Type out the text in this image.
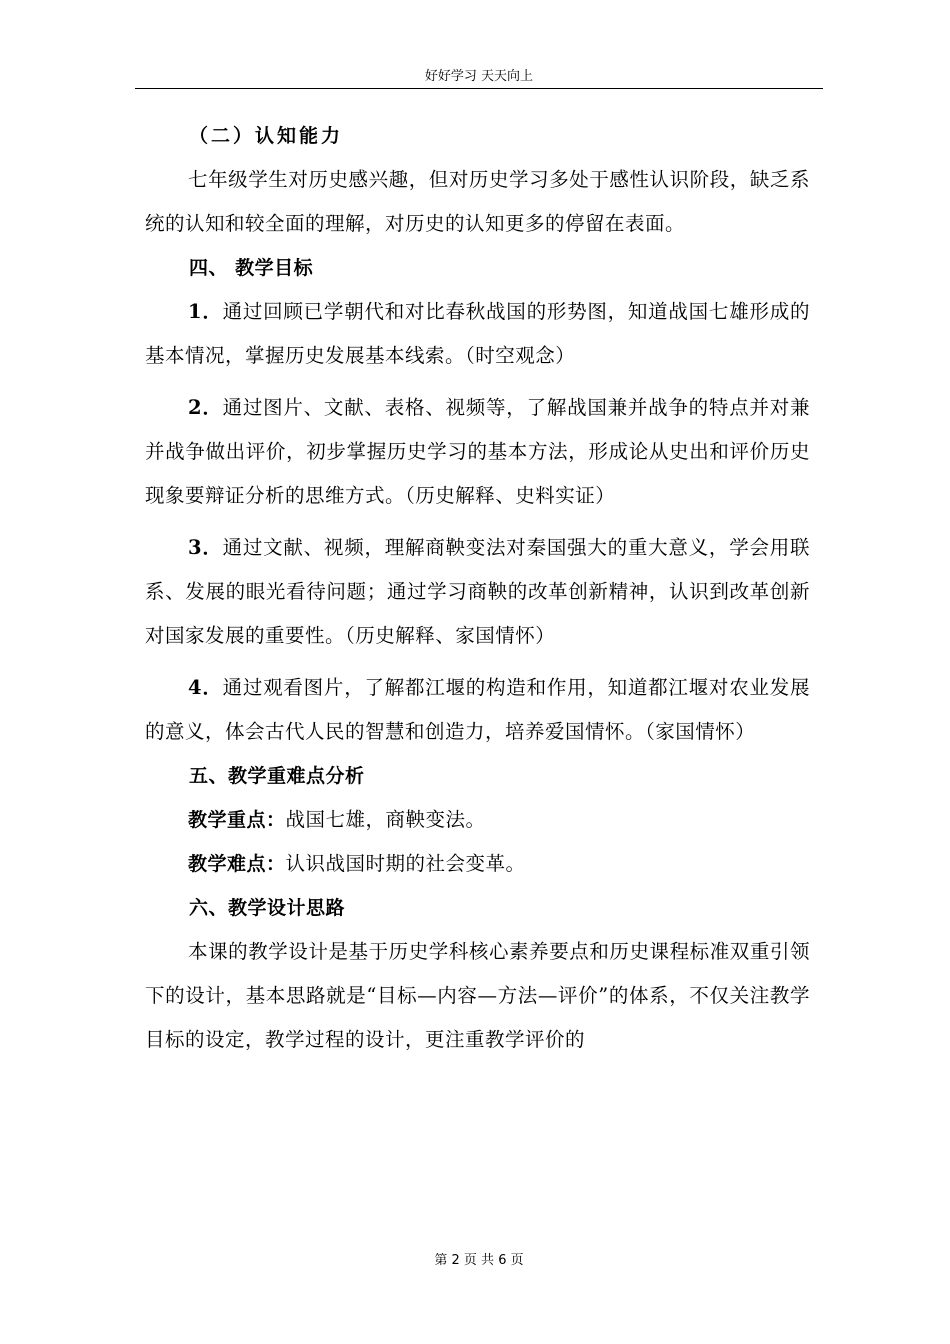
好好学习 天天向上

（二）认知能力

七年级学生对历史感兴趣，但对历史学习多处于感性认识阶段，缺乏系统的认知和较全面的理解，对历史的认知更多的停留在表面。

四、 教学目标

1．通过回顾已学朝代和对比春秋战国的形势图，知道战国七雄形成的基本情况，掌握历史发展基本线索。（时空观念）

2．通过图片、文献、表格、视频等，了解战国兼并战争的特点并对兼并战争做出评价，初步掌握历史学习的基本方法，形成论从史出和评价历史现象要辩证分析的思维方式。（历史解释、史料实证）

3．通过文献、视频，理解商鞅变法对秦国强大的重大意义，学会用联系、发展的眼光看待问题；通过学习商鞅的改革创新精神，认识到改革创新对国家发展的重要性。（历史解释、家国情怀）

4．通过观看图片，了解都江堰的构造和作用，知道都江堰对农业发展的意义，体会古代人民的智慧和创造力，培养爱国情怀。（家国情怀）

五、教学重难点分析

教学重点：战国七雄，商鞅变法。

教学难点：认识战国时期的社会变革。

六、教学设计思路

本课的教学设计是基于历史学科核心素养要点和历史课程标准双重引领下的设计，基本思路就是“目标—内容—方法—评价”的体系，不仅关注教学目标的设定，教学过程的设计，更注重教学评价的

第 2 页 共 6 页
